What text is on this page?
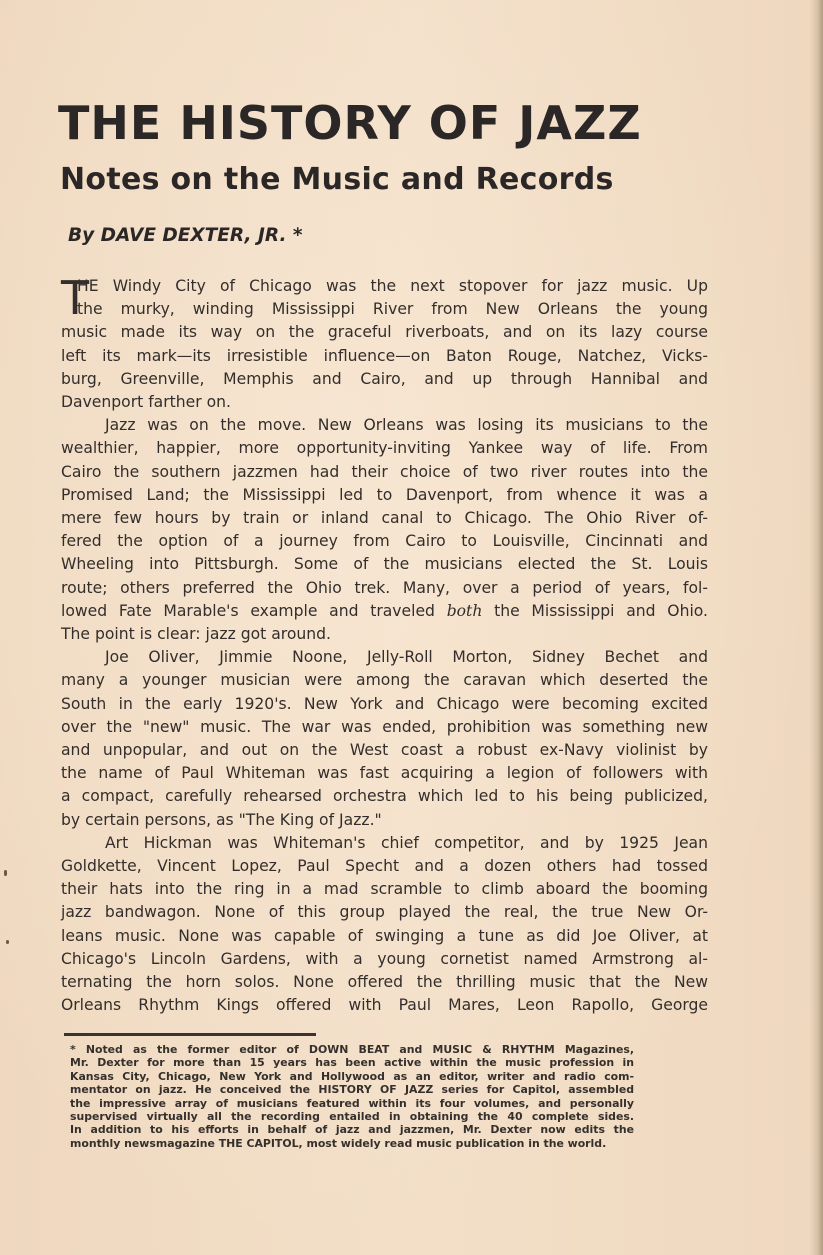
THE HISTORY OF JAZZ
Notes on the Music and Records

By DAVE DEXTER, JR. *

T
HE Windy City of Chicago was the next stopover for jazz music. Up
the murky, winding Mississippi River from New Orleans the young
music made its way on the graceful riverboats, and on its lazy course
left its mark—its irresistible influence—on Baton Rouge, Natchez, Vicks-
burg, Greenville, Memphis and Cairo, and up through Hannibal and
Davenport farther on.
Jazz was on the move. New Orleans was losing its musicians to the
wealthier, happier, more opportunity-inviting Yankee way of life. From
Cairo the southern jazzmen had their choice of two river routes into the
Promised Land; the Mississippi led to Davenport, from whence it was a
mere few hours by train or inland canal to Chicago. The Ohio River of-
fered the option of a journey from Cairo to Louisville, Cincinnati and
Wheeling into Pittsburgh. Some of the musicians elected the St. Louis
route; others preferred the Ohio trek. Many, over a period of years, fol-
lowed Fate Marable's example and traveled both the Mississippi and Ohio.
The point is clear: jazz got around.
Joe Oliver, Jimmie Noone, Jelly-Roll Morton, Sidney Bechet and
many a younger musician were among the caravan which deserted the
South in the early 1920's. New York and Chicago were becoming excited
over the "new" music. The war was ended, prohibition was something new
and unpopular, and out on the West coast a robust ex-Navy violinist by
the name of Paul Whiteman was fast acquiring a legion of followers with
a compact, carefully rehearsed orchestra which led to his being publicized,
by certain persons, as "The King of Jazz."
Art Hickman was Whiteman's chief competitor, and by 1925 Jean
Goldkette, Vincent Lopez, Paul Specht and a dozen others had tossed
their hats into the ring in a mad scramble to climb aboard the booming
jazz bandwagon. None of this group played the real, the true New Or-
leans music. None was capable of swinging a tune as did Joe Oliver, at
Chicago's Lincoln Gardens, with a young cornetist named Armstrong al-
ternating the horn solos. None offered the thrilling music that the New
Orleans Rhythm Kings offered with Paul Mares, Leon Rapollo, George
* Noted as the former editor of DOWN BEAT and MUSIC & RHYTHM Magazines,
Mr. Dexter for more than 15 years has been active within the music profession in
Kansas City, Chicago, New York and Hollywood as an editor, writer and radio com-
mentator on jazz. He conceived the HISTORY OF JAZZ series for Capitol, assembled
the impressive array of musicians featured within its four volumes, and personally
supervised virtually all the recording entailed in obtaining the 40 complete sides.
In addition to his efforts in behalf of jazz and jazzmen, Mr. Dexter now edits the
monthly newsmagazine THE CAPITOL, most widely read music publication in the world.
